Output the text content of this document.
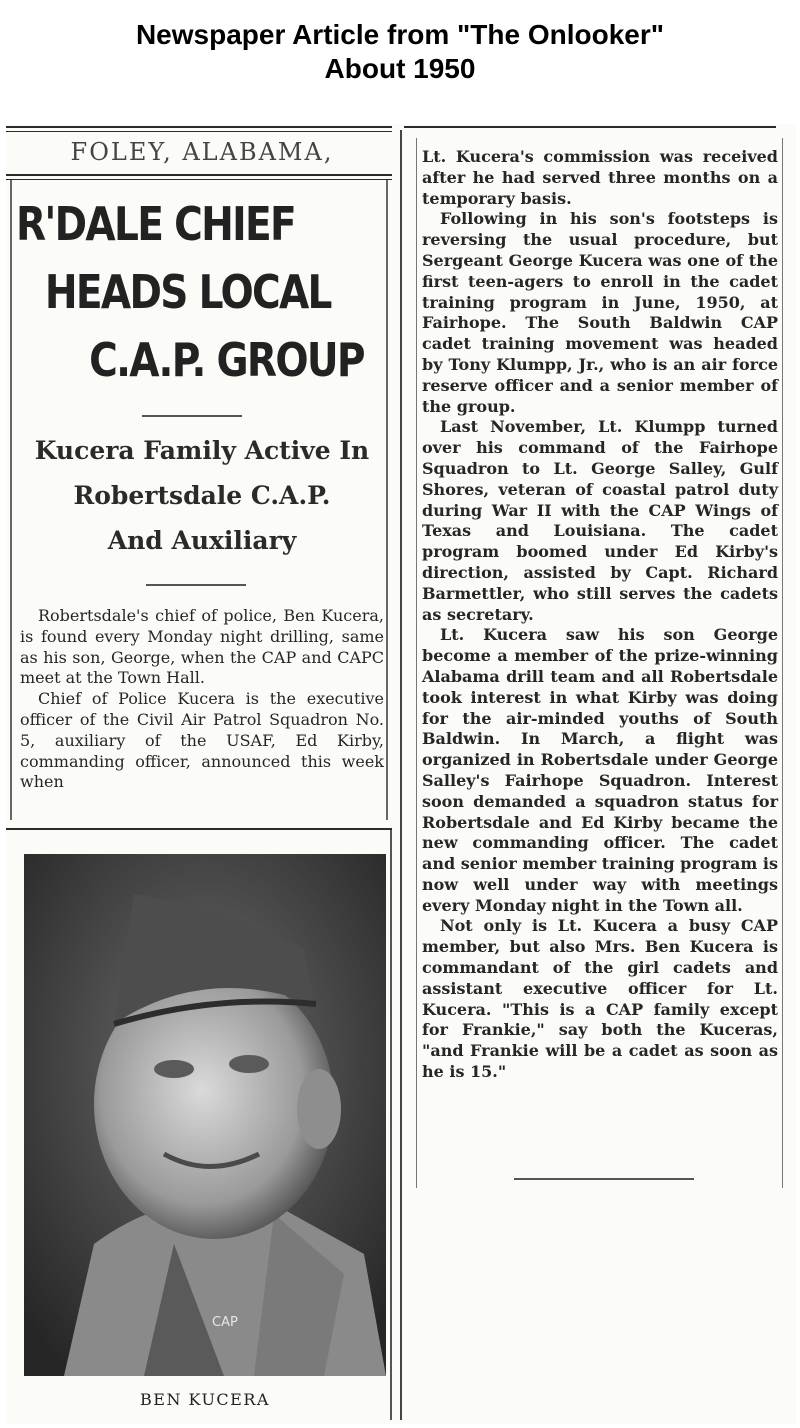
Newspaper Article from "The Onlooker"
About 1950
FOLEY, ALABAMA,
R'DALE CHIEF
HEADS LOCAL
C.A.P. GROUP
Kucera Family Active In
Robertsdale C.A.P.
And Auxiliary

Robertsdale's chief of police, Ben Kucera, is found every Monday night drilling, same as his son, George, when the CAP and CAPC meet at the Town Hall.

Chief of Police Kucera is the executive officer of the Civil Air Patrol Squadron No. 5, auxiliary of the USAF, Ed Kirby, commanding officer, announced this week when

CAP
BEN KUCERA

Lt. Kucera's commission was received after he had served three months on a temporary basis.

Following in his son's footsteps is reversing the usual procedure, but Sergeant George Kucera was one of the first teen-agers to enroll in the cadet training program in June, 1950, at Fairhope. The South Baldwin CAP cadet training movement was headed by Tony Klumpp, Jr., who is an air force reserve officer and a senior member of the group.

Last November, Lt. Klumpp turned over his command of the Fairhope Squadron to Lt. George Salley, Gulf Shores, veteran of coastal patrol duty during War II with the CAP Wings of Texas and Louisiana. The cadet program boomed under Ed Kirby's direction, assisted by Capt. Richard Barmettler, who still serves the cadets as secretary.

Lt. Kucera saw his son George become a member of the prize-winning Alabama drill team and all Robertsdale took interest in what Kirby was doing for the air-minded youths of South Baldwin. In March, a flight was organized in Robertsdale under George Salley's Fairhope Squadron. Interest soon demanded a squadron status for Robertsdale and Ed Kirby became the new commanding officer. The cadet and senior member training program is now well under way with meetings every Monday night in the Town all.

Not only is Lt. Kucera a busy CAP member, but also Mrs. Ben Kucera is commandant of the girl cadets and assistant executive officer for Lt. Kucera. "This is a CAP family except for Frankie," say both the Kuceras, "and Frankie will be a cadet as soon as he is 15."
